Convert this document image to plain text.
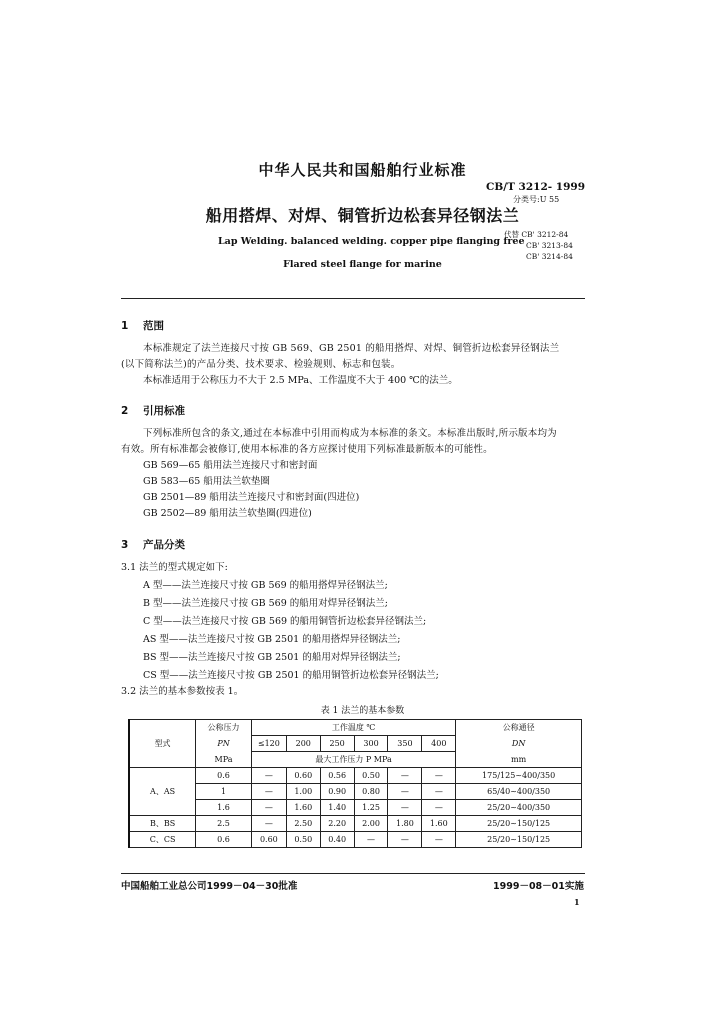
中华人民共和国船舶行业标准
CB/T 3212- 1999
分类号:U 55
船用搭焊、对焊、铜管折边松套异径钢法兰
代替 CB' 3212-84
CB' 3213-84
CB' 3214-84
Lap Welding. balanced welding. copper pipe flanging free
Flared steel flange for marine
1 范围
本标准规定了法兰连接尺寸按 GB 569、GB 2501 的船用搭焊、对焊、铜管折边松套异径钢法兰(以下简称法兰)的产品分类、技术要求、检验规则、标志和包装。
本标准适用于公称压力不大于 2.5 MPa、工作温度不大于 400 ℃的法兰。
2 引用标准
下列标准所包含的条文,通过在本标准中引用而构成为本标准的条文。本标准出版时,所示版本均为有效。所有标准都会被修订,使用本标准的各方应探讨使用下列标准最新版本的可能性。
GB 569—65 船用法兰连接尺寸和密封面
GB 583—65 船用法兰软垫圈
GB 2501—89 船用法兰连接尺寸和密封面(四进位)
GB 2502—89 船用法兰软垫圈(四进位)
3 产品分类
3.1 法兰的型式规定如下:
A 型——法兰连接尺寸按 GB 569 的船用搭焊异径钢法兰;
B 型——法兰连接尺寸按 GB 569 的船用对焊异径钢法兰;
C 型——法兰连接尺寸按 GB 569 的船用铜管折边松套异径钢法兰;
AS 型——法兰连接尺寸按 GB 2501 的船用搭焊异径钢法兰;
BS 型——法兰连接尺寸按 GB 2501 的船用对焊异径钢法兰;
CS 型——法兰连接尺寸按 GB 2501 的船用铜管折边松套异径钢法兰;
3.2 法兰的基本参数按表 1。
表 1 法兰的基本参数
型式	公称压力	工作温度 ℃						公称通径
	PN	≤120	200	250	300	350	400	DN
	MPa	最大工作压力 P MPa						mm
A、AS	0.6	—	0.60	0.56	0.50	—	—	175/125~400/350
	1	—	1.00	0.90	0.80	—	—	65/40~400/350
	1.6	—	1.60	1.40	1.25	—	—	25/20~400/350
B、BS	2.5	—	2.50	2.20	2.00	1.80	1.60	25/20~150/125
C、CS	0.6	0.60	0.50	0.40	—	—	—	25/20~150/125
中国船舶工业总公司1999－04－30批准	1999－08－01实施
1
